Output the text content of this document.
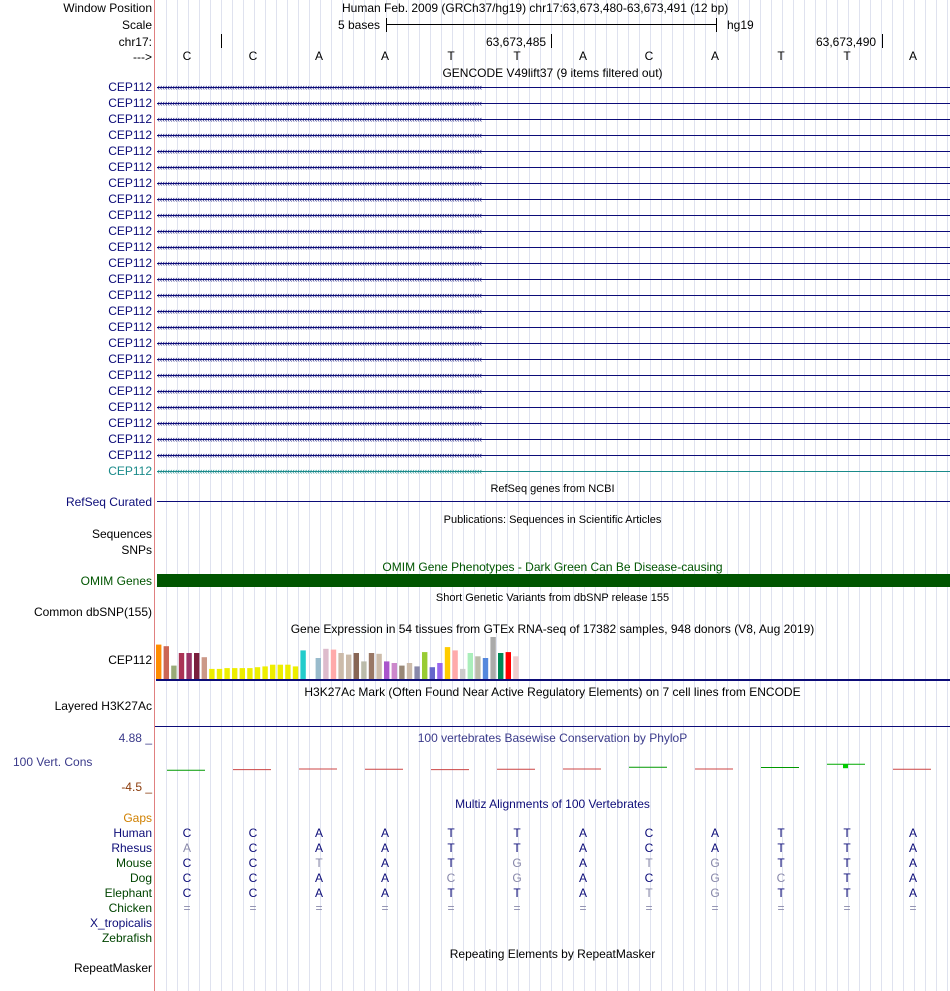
Window Position	Human Feb. 2009 (GRCh37/hg19) chr17:63,673,480-63,673,491 (12 bp)
Scale	5 bases	hg19
chr17:	63,673,485	63,673,490
--->	C	C	A	A	T	T	A	C	A	T	T	A
GENCODE V49lift37 (9 items filtered out)
CEP112 ‹‹‹‹‹‹‹‹‹‹‹‹‹‹‹‹‹‹‹‹‹‹‹‹‹‹‹‹‹‹‹‹‹‹‹‹‹‹‹‹‹‹‹‹‹‹‹‹‹‹‹‹‹‹‹‹‹‹‹‹‹‹‹‹‹‹‹‹‹‹‹‹‹‹‹‹‹‹‹‹‹‹‹‹‹‹‹‹‹‹‹‹‹‹‹‹‹‹‹‹‹‹‹‹‹‹‹‹‹‹‹‹‹‹‹‹‹‹‹‹‹‹‹‹‹‹‹‹‹‹
CEP112 ‹‹‹‹‹‹‹‹‹‹‹‹‹‹‹‹‹‹‹‹‹‹‹‹‹‹‹‹‹‹‹‹‹‹‹‹‹‹‹‹‹‹‹‹‹‹‹‹‹‹‹‹‹‹‹‹‹‹‹‹‹‹‹‹‹‹‹‹‹‹‹‹‹‹‹‹‹‹‹‹‹‹‹‹‹‹‹‹‹‹‹‹‹‹‹‹‹‹‹‹‹‹‹‹‹‹‹‹‹‹‹‹‹‹‹‹‹‹‹‹‹‹‹‹‹‹‹‹‹‹
CEP112 ‹‹‹‹‹‹‹‹‹‹‹‹‹‹‹‹‹‹‹‹‹‹‹‹‹‹‹‹‹‹‹‹‹‹‹‹‹‹‹‹‹‹‹‹‹‹‹‹‹‹‹‹‹‹‹‹‹‹‹‹‹‹‹‹‹‹‹‹‹‹‹‹‹‹‹‹‹‹‹‹‹‹‹‹‹‹‹‹‹‹‹‹‹‹‹‹‹‹‹‹‹‹‹‹‹‹‹‹‹‹‹‹‹‹‹‹‹‹‹‹‹‹‹‹‹‹‹‹‹‹
CEP112 ‹‹‹‹‹‹‹‹‹‹‹‹‹‹‹‹‹‹‹‹‹‹‹‹‹‹‹‹‹‹‹‹‹‹‹‹‹‹‹‹‹‹‹‹‹‹‹‹‹‹‹‹‹‹‹‹‹‹‹‹‹‹‹‹‹‹‹‹‹‹‹‹‹‹‹‹‹‹‹‹‹‹‹‹‹‹‹‹‹‹‹‹‹‹‹‹‹‹‹‹‹‹‹‹‹‹‹‹‹‹‹‹‹‹‹‹‹‹‹‹‹‹‹‹‹‹‹‹‹‹
CEP112 ‹‹‹‹‹‹‹‹‹‹‹‹‹‹‹‹‹‹‹‹‹‹‹‹‹‹‹‹‹‹‹‹‹‹‹‹‹‹‹‹‹‹‹‹‹‹‹‹‹‹‹‹‹‹‹‹‹‹‹‹‹‹‹‹‹‹‹‹‹‹‹‹‹‹‹‹‹‹‹‹‹‹‹‹‹‹‹‹‹‹‹‹‹‹‹‹‹‹‹‹‹‹‹‹‹‹‹‹‹‹‹‹‹‹‹‹‹‹‹‹‹‹‹‹‹‹‹‹‹‹
CEP112 ‹‹‹‹‹‹‹‹‹‹‹‹‹‹‹‹‹‹‹‹‹‹‹‹‹‹‹‹‹‹‹‹‹‹‹‹‹‹‹‹‹‹‹‹‹‹‹‹‹‹‹‹‹‹‹‹‹‹‹‹‹‹‹‹‹‹‹‹‹‹‹‹‹‹‹‹‹‹‹‹‹‹‹‹‹‹‹‹‹‹‹‹‹‹‹‹‹‹‹‹‹‹‹‹‹‹‹‹‹‹‹‹‹‹‹‹‹‹‹‹‹‹‹‹‹‹‹‹‹‹
CEP112 ‹‹‹‹‹‹‹‹‹‹‹‹‹‹‹‹‹‹‹‹‹‹‹‹‹‹‹‹‹‹‹‹‹‹‹‹‹‹‹‹‹‹‹‹‹‹‹‹‹‹‹‹‹‹‹‹‹‹‹‹‹‹‹‹‹‹‹‹‹‹‹‹‹‹‹‹‹‹‹‹‹‹‹‹‹‹‹‹‹‹‹‹‹‹‹‹‹‹‹‹‹‹‹‹‹‹‹‹‹‹‹‹‹‹‹‹‹‹‹‹‹‹‹‹‹‹‹‹‹‹
CEP112 ‹‹‹‹‹‹‹‹‹‹‹‹‹‹‹‹‹‹‹‹‹‹‹‹‹‹‹‹‹‹‹‹‹‹‹‹‹‹‹‹‹‹‹‹‹‹‹‹‹‹‹‹‹‹‹‹‹‹‹‹‹‹‹‹‹‹‹‹‹‹‹‹‹‹‹‹‹‹‹‹‹‹‹‹‹‹‹‹‹‹‹‹‹‹‹‹‹‹‹‹‹‹‹‹‹‹‹‹‹‹‹‹‹‹‹‹‹‹‹‹‹‹‹‹‹‹‹‹‹‹
CEP112 ‹‹‹‹‹‹‹‹‹‹‹‹‹‹‹‹‹‹‹‹‹‹‹‹‹‹‹‹‹‹‹‹‹‹‹‹‹‹‹‹‹‹‹‹‹‹‹‹‹‹‹‹‹‹‹‹‹‹‹‹‹‹‹‹‹‹‹‹‹‹‹‹‹‹‹‹‹‹‹‹‹‹‹‹‹‹‹‹‹‹‹‹‹‹‹‹‹‹‹‹‹‹‹‹‹‹‹‹‹‹‹‹‹‹‹‹‹‹‹‹‹‹‹‹‹‹‹‹‹‹
CEP112 ‹‹‹‹‹‹‹‹‹‹‹‹‹‹‹‹‹‹‹‹‹‹‹‹‹‹‹‹‹‹‹‹‹‹‹‹‹‹‹‹‹‹‹‹‹‹‹‹‹‹‹‹‹‹‹‹‹‹‹‹‹‹‹‹‹‹‹‹‹‹‹‹‹‹‹‹‹‹‹‹‹‹‹‹‹‹‹‹‹‹‹‹‹‹‹‹‹‹‹‹‹‹‹‹‹‹‹‹‹‹‹‹‹‹‹‹‹‹‹‹‹‹‹‹‹‹‹‹‹‹
CEP112 ‹‹‹‹‹‹‹‹‹‹‹‹‹‹‹‹‹‹‹‹‹‹‹‹‹‹‹‹‹‹‹‹‹‹‹‹‹‹‹‹‹‹‹‹‹‹‹‹‹‹‹‹‹‹‹‹‹‹‹‹‹‹‹‹‹‹‹‹‹‹‹‹‹‹‹‹‹‹‹‹‹‹‹‹‹‹‹‹‹‹‹‹‹‹‹‹‹‹‹‹‹‹‹‹‹‹‹‹‹‹‹‹‹‹‹‹‹‹‹‹‹‹‹‹‹‹‹‹‹‹
CEP112 ‹‹‹‹‹‹‹‹‹‹‹‹‹‹‹‹‹‹‹‹‹‹‹‹‹‹‹‹‹‹‹‹‹‹‹‹‹‹‹‹‹‹‹‹‹‹‹‹‹‹‹‹‹‹‹‹‹‹‹‹‹‹‹‹‹‹‹‹‹‹‹‹‹‹‹‹‹‹‹‹‹‹‹‹‹‹‹‹‹‹‹‹‹‹‹‹‹‹‹‹‹‹‹‹‹‹‹‹‹‹‹‹‹‹‹‹‹‹‹‹‹‹‹‹‹‹‹‹‹‹
CEP112 ‹‹‹‹‹‹‹‹‹‹‹‹‹‹‹‹‹‹‹‹‹‹‹‹‹‹‹‹‹‹‹‹‹‹‹‹‹‹‹‹‹‹‹‹‹‹‹‹‹‹‹‹‹‹‹‹‹‹‹‹‹‹‹‹‹‹‹‹‹‹‹‹‹‹‹‹‹‹‹‹‹‹‹‹‹‹‹‹‹‹‹‹‹‹‹‹‹‹‹‹‹‹‹‹‹‹‹‹‹‹‹‹‹‹‹‹‹‹‹‹‹‹‹‹‹‹‹‹‹‹
CEP112 ‹‹‹‹‹‹‹‹‹‹‹‹‹‹‹‹‹‹‹‹‹‹‹‹‹‹‹‹‹‹‹‹‹‹‹‹‹‹‹‹‹‹‹‹‹‹‹‹‹‹‹‹‹‹‹‹‹‹‹‹‹‹‹‹‹‹‹‹‹‹‹‹‹‹‹‹‹‹‹‹‹‹‹‹‹‹‹‹‹‹‹‹‹‹‹‹‹‹‹‹‹‹‹‹‹‹‹‹‹‹‹‹‹‹‹‹‹‹‹‹‹‹‹‹‹‹‹‹‹‹
CEP112 ‹‹‹‹‹‹‹‹‹‹‹‹‹‹‹‹‹‹‹‹‹‹‹‹‹‹‹‹‹‹‹‹‹‹‹‹‹‹‹‹‹‹‹‹‹‹‹‹‹‹‹‹‹‹‹‹‹‹‹‹‹‹‹‹‹‹‹‹‹‹‹‹‹‹‹‹‹‹‹‹‹‹‹‹‹‹‹‹‹‹‹‹‹‹‹‹‹‹‹‹‹‹‹‹‹‹‹‹‹‹‹‹‹‹‹‹‹‹‹‹‹‹‹‹‹‹‹‹‹‹
CEP112 ‹‹‹‹‹‹‹‹‹‹‹‹‹‹‹‹‹‹‹‹‹‹‹‹‹‹‹‹‹‹‹‹‹‹‹‹‹‹‹‹‹‹‹‹‹‹‹‹‹‹‹‹‹‹‹‹‹‹‹‹‹‹‹‹‹‹‹‹‹‹‹‹‹‹‹‹‹‹‹‹‹‹‹‹‹‹‹‹‹‹‹‹‹‹‹‹‹‹‹‹‹‹‹‹‹‹‹‹‹‹‹‹‹‹‹‹‹‹‹‹‹‹‹‹‹‹‹‹‹‹
CEP112 ‹‹‹‹‹‹‹‹‹‹‹‹‹‹‹‹‹‹‹‹‹‹‹‹‹‹‹‹‹‹‹‹‹‹‹‹‹‹‹‹‹‹‹‹‹‹‹‹‹‹‹‹‹‹‹‹‹‹‹‹‹‹‹‹‹‹‹‹‹‹‹‹‹‹‹‹‹‹‹‹‹‹‹‹‹‹‹‹‹‹‹‹‹‹‹‹‹‹‹‹‹‹‹‹‹‹‹‹‹‹‹‹‹‹‹‹‹‹‹‹‹‹‹‹‹‹‹‹‹‹
CEP112 ‹‹‹‹‹‹‹‹‹‹‹‹‹‹‹‹‹‹‹‹‹‹‹‹‹‹‹‹‹‹‹‹‹‹‹‹‹‹‹‹‹‹‹‹‹‹‹‹‹‹‹‹‹‹‹‹‹‹‹‹‹‹‹‹‹‹‹‹‹‹‹‹‹‹‹‹‹‹‹‹‹‹‹‹‹‹‹‹‹‹‹‹‹‹‹‹‹‹‹‹‹‹‹‹‹‹‹‹‹‹‹‹‹‹‹‹‹‹‹‹‹‹‹‹‹‹‹‹‹‹
CEP112 ‹‹‹‹‹‹‹‹‹‹‹‹‹‹‹‹‹‹‹‹‹‹‹‹‹‹‹‹‹‹‹‹‹‹‹‹‹‹‹‹‹‹‹‹‹‹‹‹‹‹‹‹‹‹‹‹‹‹‹‹‹‹‹‹‹‹‹‹‹‹‹‹‹‹‹‹‹‹‹‹‹‹‹‹‹‹‹‹‹‹‹‹‹‹‹‹‹‹‹‹‹‹‹‹‹‹‹‹‹‹‹‹‹‹‹‹‹‹‹‹‹‹‹‹‹‹‹‹‹‹
CEP112 ‹‹‹‹‹‹‹‹‹‹‹‹‹‹‹‹‹‹‹‹‹‹‹‹‹‹‹‹‹‹‹‹‹‹‹‹‹‹‹‹‹‹‹‹‹‹‹‹‹‹‹‹‹‹‹‹‹‹‹‹‹‹‹‹‹‹‹‹‹‹‹‹‹‹‹‹‹‹‹‹‹‹‹‹‹‹‹‹‹‹‹‹‹‹‹‹‹‹‹‹‹‹‹‹‹‹‹‹‹‹‹‹‹‹‹‹‹‹‹‹‹‹‹‹‹‹‹‹‹‹
CEP112 ‹‹‹‹‹‹‹‹‹‹‹‹‹‹‹‹‹‹‹‹‹‹‹‹‹‹‹‹‹‹‹‹‹‹‹‹‹‹‹‹‹‹‹‹‹‹‹‹‹‹‹‹‹‹‹‹‹‹‹‹‹‹‹‹‹‹‹‹‹‹‹‹‹‹‹‹‹‹‹‹‹‹‹‹‹‹‹‹‹‹‹‹‹‹‹‹‹‹‹‹‹‹‹‹‹‹‹‹‹‹‹‹‹‹‹‹‹‹‹‹‹‹‹‹‹‹‹‹‹‹
CEP112 ‹‹‹‹‹‹‹‹‹‹‹‹‹‹‹‹‹‹‹‹‹‹‹‹‹‹‹‹‹‹‹‹‹‹‹‹‹‹‹‹‹‹‹‹‹‹‹‹‹‹‹‹‹‹‹‹‹‹‹‹‹‹‹‹‹‹‹‹‹‹‹‹‹‹‹‹‹‹‹‹‹‹‹‹‹‹‹‹‹‹‹‹‹‹‹‹‹‹‹‹‹‹‹‹‹‹‹‹‹‹‹‹‹‹‹‹‹‹‹‹‹‹‹‹‹‹‹‹‹‹
CEP112 ‹‹‹‹‹‹‹‹‹‹‹‹‹‹‹‹‹‹‹‹‹‹‹‹‹‹‹‹‹‹‹‹‹‹‹‹‹‹‹‹‹‹‹‹‹‹‹‹‹‹‹‹‹‹‹‹‹‹‹‹‹‹‹‹‹‹‹‹‹‹‹‹‹‹‹‹‹‹‹‹‹‹‹‹‹‹‹‹‹‹‹‹‹‹‹‹‹‹‹‹‹‹‹‹‹‹‹‹‹‹‹‹‹‹‹‹‹‹‹‹‹‹‹‹‹‹‹‹‹‹
CEP112 ‹‹‹‹‹‹‹‹‹‹‹‹‹‹‹‹‹‹‹‹‹‹‹‹‹‹‹‹‹‹‹‹‹‹‹‹‹‹‹‹‹‹‹‹‹‹‹‹‹‹‹‹‹‹‹‹‹‹‹‹‹‹‹‹‹‹‹‹‹‹‹‹‹‹‹‹‹‹‹‹‹‹‹‹‹‹‹‹‹‹‹‹‹‹‹‹‹‹‹‹‹‹‹‹‹‹‹‹‹‹‹‹‹‹‹‹‹‹‹‹‹‹‹‹‹‹‹‹‹‹
CEP112 ‹‹‹‹‹‹‹‹‹‹‹‹‹‹‹‹‹‹‹‹‹‹‹‹‹‹‹‹‹‹‹‹‹‹‹‹‹‹‹‹‹‹‹‹‹‹‹‹‹‹‹‹‹‹‹‹‹‹‹‹‹‹‹‹‹‹‹‹‹‹‹‹‹‹‹‹‹‹‹‹‹‹‹‹‹‹‹‹‹‹‹‹‹‹‹‹‹‹‹‹‹‹‹‹‹‹‹‹‹‹‹‹‹‹‹‹‹‹‹‹‹‹‹‹‹‹‹‹‹‹
RefSeq genes from NCBI
RefSeq Curated
Publications: Sequences in Scientific Articles
Sequences
SNPs
OMIM Gene Phenotypes - Dark Green Can Be Disease-causing
OMIM Genes
Short Genetic Variants from dbSNP release 155
Common dbSNP(155)
Gene Expression in 54 tissues from GTEx RNA-seq of 17382 samples, 948 donors (V8, Aug 2019)
CEP112
H3K27Ac Mark (Often Found Near Active Regulatory Elements) on 7 cell lines from ENCODE
Layered H3K27Ac
100 vertebrates Basewise Conservation by PhyloP
4.88 _
100 Vert. Cons
-4.5 _
Multiz Alignments of 100 Vertebrates
Gaps
Human	C	C	A	A	T	T	A	C	A	T	T	A
Rhesus	A	C	A	A	T	T	A	C	A	T	T	A
Mouse	C	C	T	A	T	G	A	T	G	T	T	A
Dog	C	C	A	A	C	G	A	C	G	C	T	A
Elephant	C	C	A	A	T	T	A	T	G	T	T	A
Chicken	=	=	=	=	=	=	=	=	=	=	=	=
X_tropicalis
Zebrafish
Repeating Elements by RepeatMasker
RepeatMasker
